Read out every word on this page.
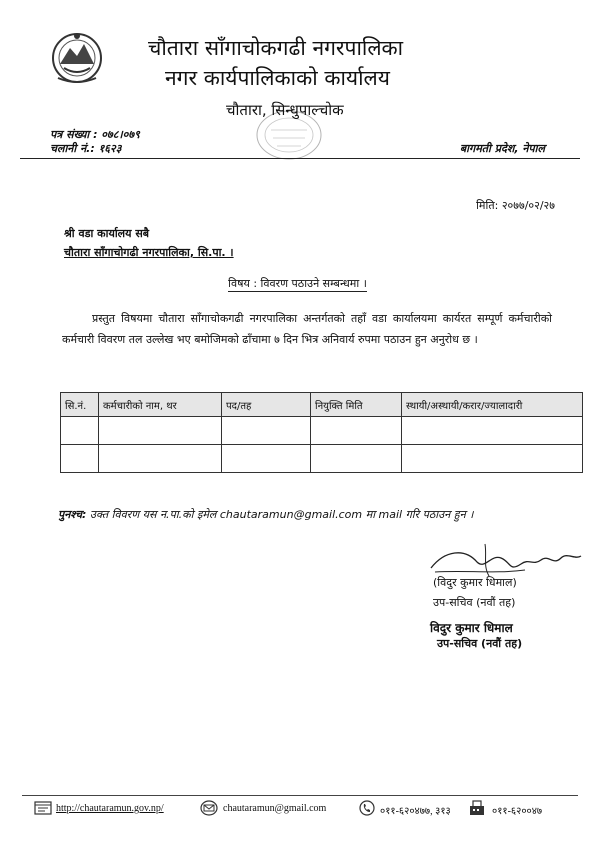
चौतारा साँगाचोकगढी नगरपालिका
नगर कार्यपालिकाको कार्यालय
चौतारा, सिन्धुपाल्चोक
पत्र संख्या : ०७८।०७९
चलानी नं.: १६२३	बागमती प्रदेश, नेपाल
मिति: २०७७/०२/२७
श्री वडा कार्यालय सबै
चौतारा साँगाचोगढी नगरपालिका, सि.पा. ।
विषय : विवरण पठाउने सम्बन्धमा ।
प्रस्तुत विषयमा चौतारा साँगाचोकगढी नगरपालिका अन्तर्गतको तहाँ वडा कार्यालयमा कार्यरत सम्पूर्ण कर्मचारीको कर्मचारी विवरण तल उल्लेख भए बमोजिमको ढाँचामा ७ दिन भित्र अनिवार्य रुपमा पठाउन हुन अनुरोध छ ।
सि.नं.	कर्मचारीको नाम, थर	पद/तह	नियुक्ति मिति	स्थायी/अस्थायी/करार/ज्यालादारी

पुनश्च: उक्त विवरण यस न.पा.को इमेल chautaramun@gmail.com मा mail गरि पठाउन हुन ।
(विदुर कुमार धिमाल)
उप-सचिव (नवौं तह)
विदुर कुमार धिमाल
उप-सचिव (नवौं तह)
http://chautaramun.gov.np/	chautaramun@gmail.com	०११-६२०४७७, ३१३	०११-६२००४७
